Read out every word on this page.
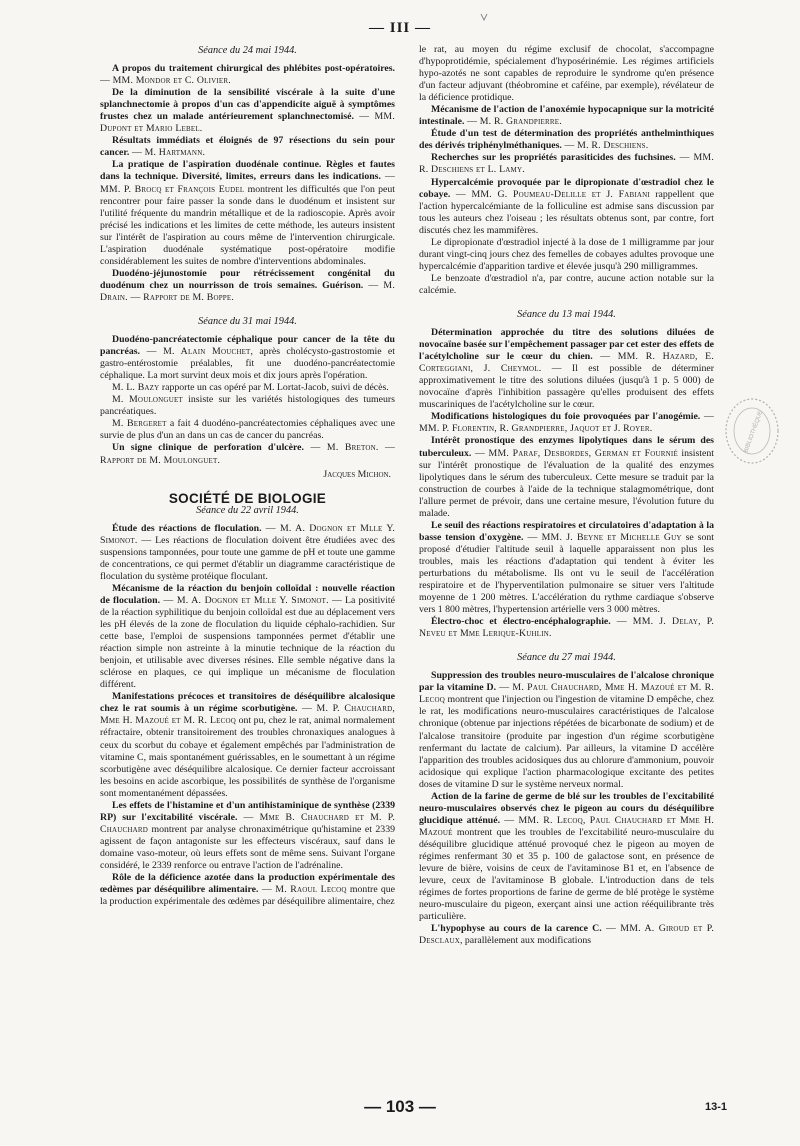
— III —
Séance du 24 mai 1944.

A propos du traitement chirurgical des phlébites post-opératoires. — MM. Mondor et C. Olivier.

De la diminution de la sensibilité viscérale à la suite d'une splanchnectomie à propos d'un cas d'appendicite aiguë à symptômes frustes chez un malade antérieurement splanchnectomisé. — MM. Dupont et Mario Lebel.

Résultats immédiats et éloignés de 97 résections du sein pour cancer. — M. Hartmann.

La pratique de l'aspiration duodénale continue. Règles et fautes dans la technique. Diversité, limites, erreurs dans les indications. — MM. P. Brocq et François Eudel montrent les difficultés que l'on peut rencontrer pour faire passer la sonde dans le duodénum et insistent sur l'utilité fréquente du mandrin métallique et de la radioscopie. Après avoir précisé les indications et les limites de cette méthode, les auteurs insistent sur l'intérêt de l'aspiration au cours même de l'intervention chirurgicale. L'aspiration duodénale systématique post-opératoire modifie considérablement les suites de nombre d'interventions abdominales.

Duodéno-jéjunostomie pour rétrécissement congénital du duodénum chez un nourrisson de trois semaines. Guérison. — M. Drain. — Rapport de M. Boppe.

Séance du 31 mai 1944.

Duodéno-pancréatectomie céphalique pour cancer de la tête du pancréas. — M. Alain Mouchet, après cholécysto-gastrostomie et gastro-entérostomie préalables, fit une duodéno-pancréatectomie céphalique. La mort survint deux mois et dix jours après l'opération.

M. L. Bazy rapporte un cas opéré par M. Lortat-Jacob, suivi de décès.

M. Moulonguet insiste sur les variétés histologiques des tumeurs pancréatiques.

M. Bergeret a fait 4 duodéno-pancréatectomies céphaliques avec une survie de plus d'un an dans un cas de cancer du pancréas.

Un signe clinique de perforation d'ulcère. — M. Breton. — Rapport de M. Moulonguet.

Jacques Michon.
SOCIÉTÉ DE BIOLOGIE
Séance du 22 avril 1944.

Étude des réactions de floculation. — M. A. Dognon et Mlle Y. Simonot. — Les réactions de floculation doivent être étudiées avec des suspensions tamponnées, pour toute une gamme de pH et toute une gamme de concentrations, ce qui permet d'établir un diagramme caractéristique de floculation du système protéique floculant.

Mécanisme de la réaction du benjoin colloïdal : nouvelle réaction de floculation. — M. A. Dognon et Mlle Y. Simonot. — La positivité de la réaction syphilitique du benjoin colloïdal est due au déplacement vers les pH élevés de la zone de floculation du liquide céphalo-rachidien. Sur cette base, l'emploi de suspensions tamponnées permet d'établir une réaction simple non astreinte à la minutie technique de la réaction du benjoin, et utilisable avec diverses résines. Elle semble négative dans la sclérose en plaques, ce qui implique un mécanisme de floculation différent.

Manifestations précoces et transitoires de déséquilibre alcalosique chez le rat soumis à un régime scorbutigène. — M. P. Chauchard, Mme H. Mazoué et M. R. Lecoq ont pu, chez le rat, animal normalement réfractaire, obtenir transitoirement des troubles chronaxiques analogues à ceux du scorbut du cobaye et également empêchés par l'administration de vitamine C, mais spontanément guérissables, en le soumettant à un régime scorbutigène avec déséquilibre alcalosique. Ce dernier facteur accroissant les besoins en acide ascorbique, les possibilités de synthèse de l'organisme sont momentanément dépassées.

Les effets de l'histamine et d'un antihistaminique de synthèse (2339 RP) sur l'excitabilité viscérale. — Mme B. Chauchard et M. P. Chauchard montrent par analyse chronaximétrique qu'histamine et 2339 agissent de façon antagoniste sur les effecteurs viscéraux, sauf dans le domaine vaso-moteur, où leurs effets sont de même sens. Suivant l'organe considéré, le 2339 renforce ou entrave l'action de l'adrénaline.

Rôle de la déficience azotée dans la production expérimentale des œdèmes par déséquilibre alimentaire. — M. Raoul Lecoq montre que la production expérimentale des œdèmes par déséquilibre alimentaire, chez

le rat, au moyen du régime exclusif de chocolat, s'accompagne d'hypoprotidémie, spécialement d'hyposérinémie. Les régimes artificiels hypo-azotés ne sont capables de reproduire le syndrome qu'en présence d'un facteur adjuvant (théobromine et caféine, par exemple), révélateur de la déficience protidique.

Mécanisme de l'action de l'anoxémie hypocapnique sur la motricité intestinale. — M. R. Grandpierre.

Étude d'un test de détermination des propriétés anthelminthiques des dérivés triphénylméthaniques. — M. R. Deschiens.

Recherches sur les propriétés parasiticides des fuchsines. — MM. R. Deschiens et L. Lamy.

Hypercalcémie provoquée par le dipropionate d'œstradiol chez le cobaye. — MM. G. Poumeau-Delille et J. Fabiani rappellent que l'action hypercalcémiante de la folliculine est admise sans discussion par tous les auteurs chez l'oiseau ; les résultats obtenus sont, par contre, fort discutés chez les mammifères.

Le dipropionate d'œstradiol injecté à la dose de 1 milligramme par jour durant vingt-cinq jours chez des femelles de cobayes adultes provoque une hypercalcémie d'apparition tardive et élevée jusqu'à 290 milligrammes.

Le benzoate d'œstradiol n'a, par contre, aucune action notable sur la calcémie.

Séance du 13 mai 1944.

Détermination approchée du titre des solutions diluées de novocaïne basée sur l'empêchement passager par cet ester des effets de l'acétylcholine sur le cœur du chien. — MM. R. Hazard, E. Corteggiani, J. Cheymol. — Il est possible de déterminer approximativement le titre des solutions diluées (jusqu'à 1 p. 5 000) de novocaïne d'après l'inhibition passagère qu'elles produisent des effets muscariniques de l'acétylcholine sur le cœur.

Modifications histologiques du foie provoquées par l'anogémie. — MM. P. Florentin, R. Grandpierre, Jaquot et J. Royer.

Intérêt pronostique des enzymes lipolytiques dans le sérum des tuberculeux. — MM. Paraf, Desbordes, German et Fournié insistent sur l'intérêt pronostique de l'évaluation de la qualité des enzymes lipolytiques dans le sérum des tuberculeux. Cette mesure se traduit par la construction de courbes à l'aide de la technique stalagmométrique, dont l'allure permet de prévoir, dans une certaine mesure, l'évolution future du malade.

Le seuil des réactions respiratoires et circulatoires d'adaptation à la basse tension d'oxygène. — MM. J. Beyne et Michelle Guy se sont proposé d'étudier l'altitude seuil à laquelle apparaissent non plus les troubles, mais les réactions d'adaptation qui tendent à éviter les perturbations du métabolisme. Ils ont vu le seuil de l'accélération respiratoire et de l'hyperventilation pulmonaire se situer vers l'altitude moyenne de 1 200 mètres. L'accélération du rythme cardiaque s'observe vers 1 800 mètres, l'hypertension artérielle vers 3 000 mètres.

Électro-choc et électro-encéphalographie. — MM. J. Delay, P. Neveu et Mme Lerique-Kuhlin.

Séance du 27 mai 1944.

Suppression des troubles neuro-musculaires de l'alcalose chronique par la vitamine D. — M. Paul Chauchard, Mme H. Mazoué et M. R. Lecoq montrent que l'injection ou l'ingestion de vitamine D empêche, chez le rat, les modifications neuro-musculaires caractéristiques de l'alcalose chronique (obtenue par injections répétées de bicarbonate de sodium) et de l'alcalose transitoire (produite par ingestion d'un régime scorbutigène renfermant du lactate de calcium). Par ailleurs, la vitamine D accélère l'apparition des troubles acidosiques dus au chlorure d'ammonium, pouvoir acidosique qui explique l'action pharmacologique excitante des petites doses de vitamine D sur le système nerveux normal.

Action de la farine de germe de blé sur les troubles de l'excitabilité neuro-musculaires observés chez le pigeon au cours du déséquilibre glucidique atténué. — MM. R. Lecoq, Paul Chauchard et Mme H. Mazoué montrent que les troubles de l'excitabilité neuro-musculaire du déséquilibre glucidique atténué provoqué chez le pigeon au moyen de régimes renfermant 30 et 35 p. 100 de galactose sont, en présence de levure de bière, voisins de ceux de l'avitaminose B1 et, en l'absence de levure, ceux de l'avitaminose B globale. L'introduction dans de tels régimes de fortes proportions de farine de germe de blé protège le système neuro-musculaire du pigeon, exerçant ainsi une action rééquilibrante très particulière.

L'hypophyse au cours de la carence C. — MM. A. Giroud et P. Desclaux, parallèlement aux modifications

BIBLIOTHÈQUE
— 103 —	13-1
